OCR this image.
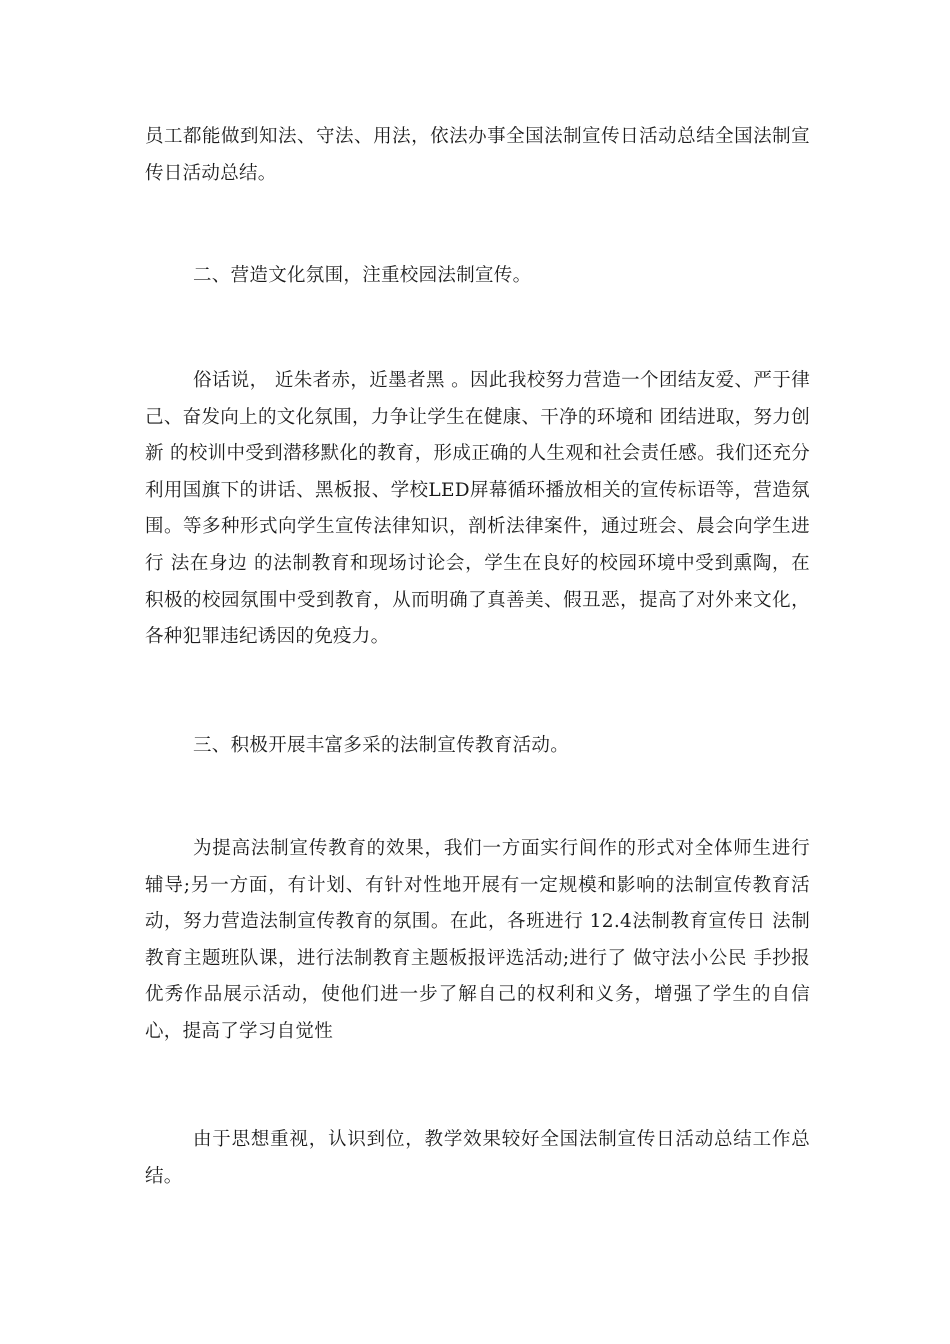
员工都能做到知法、守法、用法，依法办事全国法制宣传日活动总结全国法制宣传日活动总结。

二、营造文化氛围，注重校园法制宣传。

俗话说， 近朱者赤，近墨者黑 。因此我校努力营造一个团结友爱、严于律己、奋发向上的文化氛围，力争让学生在健康、干净的环境和 团结进取，努力创新 的校训中受到潜移默化的教育，形成正确的人生观和社会责任感。我们还充分利用国旗下的讲话、黑板报、学校LED屏幕循环播放相关的宣传标语等，营造氛围。等多种形式向学生宣传法律知识，剖析法律案件，通过班会、晨会向学生进行 法在身边 的法制教育和现场讨论会，学生在良好的校园环境中受到熏陶，在积极的校园氛围中受到教育，从而明确了真善美、假丑恶，提高了对外来文化，各种犯罪违纪诱因的免疫力。

三、积极开展丰富多采的法制宣传教育活动。

为提高法制宣传教育的效果，我们一方面实行间作的形式对全体师生进行辅导;另一方面，有计划、有针对性地开展有一定规模和影响的法制宣传教育活动，努力营造法制宣传教育的氛围。在此，各班进行 12.4法制教育宣传日 法制教育主题班队课，进行法制教育主题板报评选活动;进行了 做守法小公民 手抄报优秀作品展示活动，使他们进一步了解自己的权利和义务，增强了学生的自信心，提高了学习自觉性

由于思想重视，认识到位，教学效果较好全国法制宣传日活动总结工作总结。
